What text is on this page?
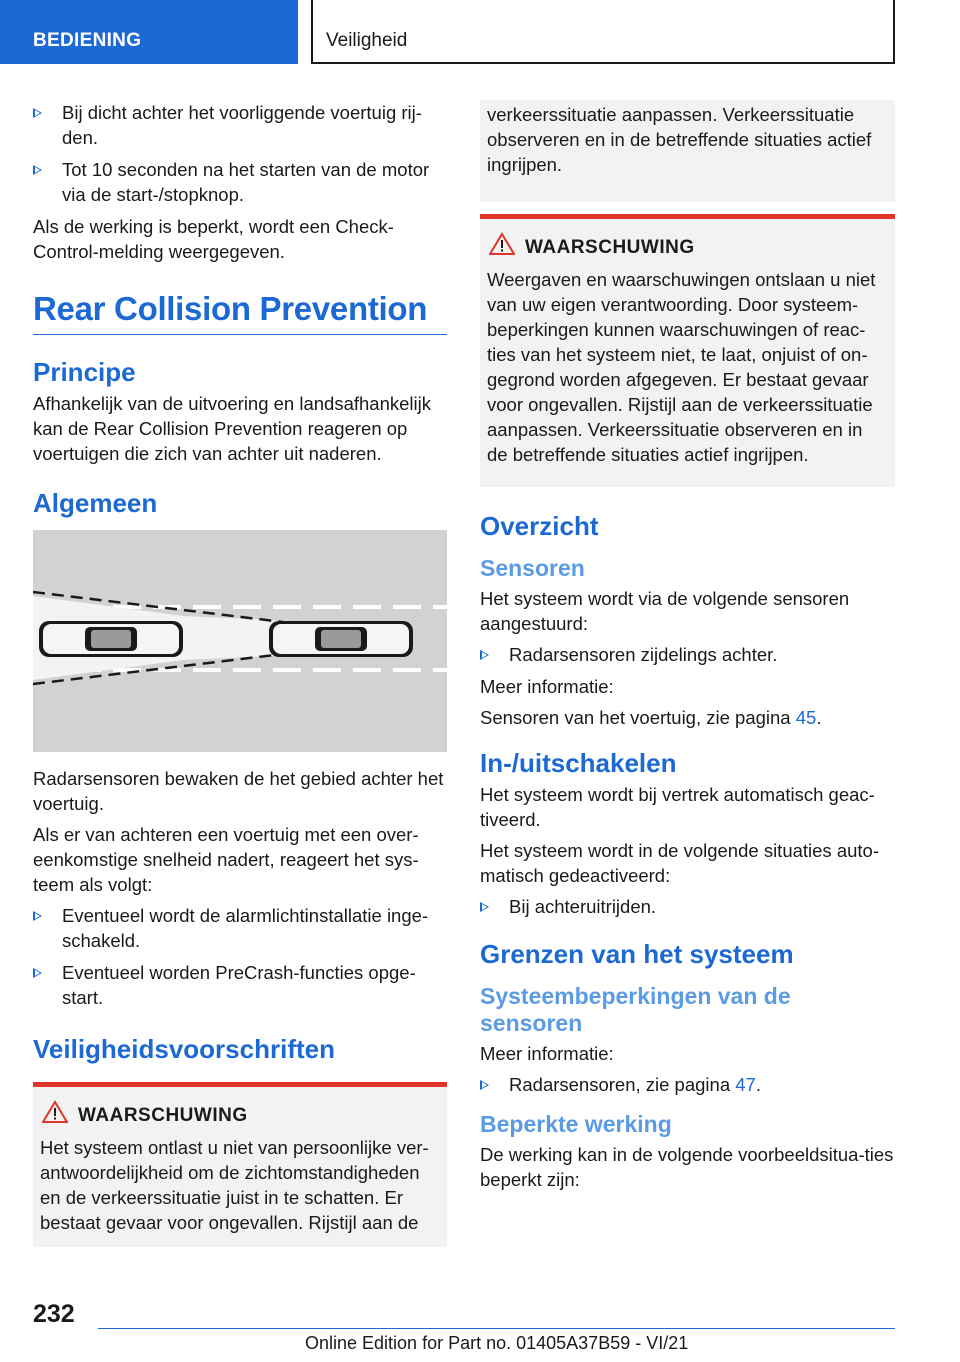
BEDIENING	Veiligheid
Bij dicht achter het voorliggende voertuig rij-den.
Tot 10 seconden na het starten van de motor via de start-/stopknop.
Als de werking is beperkt, wordt een Check-Control-melding weergegeven.
Rear Collision Prevention
Principe
Afhankelijk van de uitvoering en landsafhankelijk kan de Rear Collision Prevention reageren op voertuigen die zich van achter uit naderen.
Algemeen
Radarsensoren bewaken de het gebied achter het voertuig.
Als er van achteren een voertuig met een over-eenkomstige snelheid nadert, reageert het sys-teem als volgt:
Eventueel wordt de alarmlichtinstallatie inge-schakeld.
Eventueel worden PreCrash-functies opge-start.
Veiligheidsvoorschriften
WAARSCHUWING
Het systeem ontlast u niet van persoonlijke ver-antwoordelijkheid om de zichtomstandigheden en de verkeerssituatie juist in te schatten. Er bestaat gevaar voor ongevallen. Rijstijl aan de
verkeerssituatie aanpassen. Verkeerssituatie observeren en in de betreffende situaties actief ingrijpen.
WAARSCHUWING
Weergaven en waarschuwingen ontslaan u niet van uw eigen verantwoording. Door systeem-beperkingen kunnen waarschuwingen of reac-ties van het systeem niet, te laat, onjuist of on-gegrond worden afgegeven. Er bestaat gevaar voor ongevallen. Rijstijl aan de verkeerssituatie aanpassen. Verkeerssituatie observeren en in de betreffende situaties actief ingrijpen.
Overzicht
Sensoren
Het systeem wordt via de volgende sensoren aangestuurd:
Radarsensoren zijdelings achter.
Meer informatie:
Sensoren van het voertuig, zie pagina 45.
In-/uitschakelen
Het systeem wordt bij vertrek automatisch geac-tiveerd.
Het systeem wordt in de volgende situaties auto-matisch gedeactiveerd:
Bij achteruitrijden.
Grenzen van het systeem
Systeembeperkingen van de sensoren
Meer informatie:
Radarsensoren, zie pagina 47.
Beperkte werking
De werking kan in de volgende voorbeeldsitua-ties beperkt zijn:
232
Online Edition for Part no. 01405A37B59 - VI/21
